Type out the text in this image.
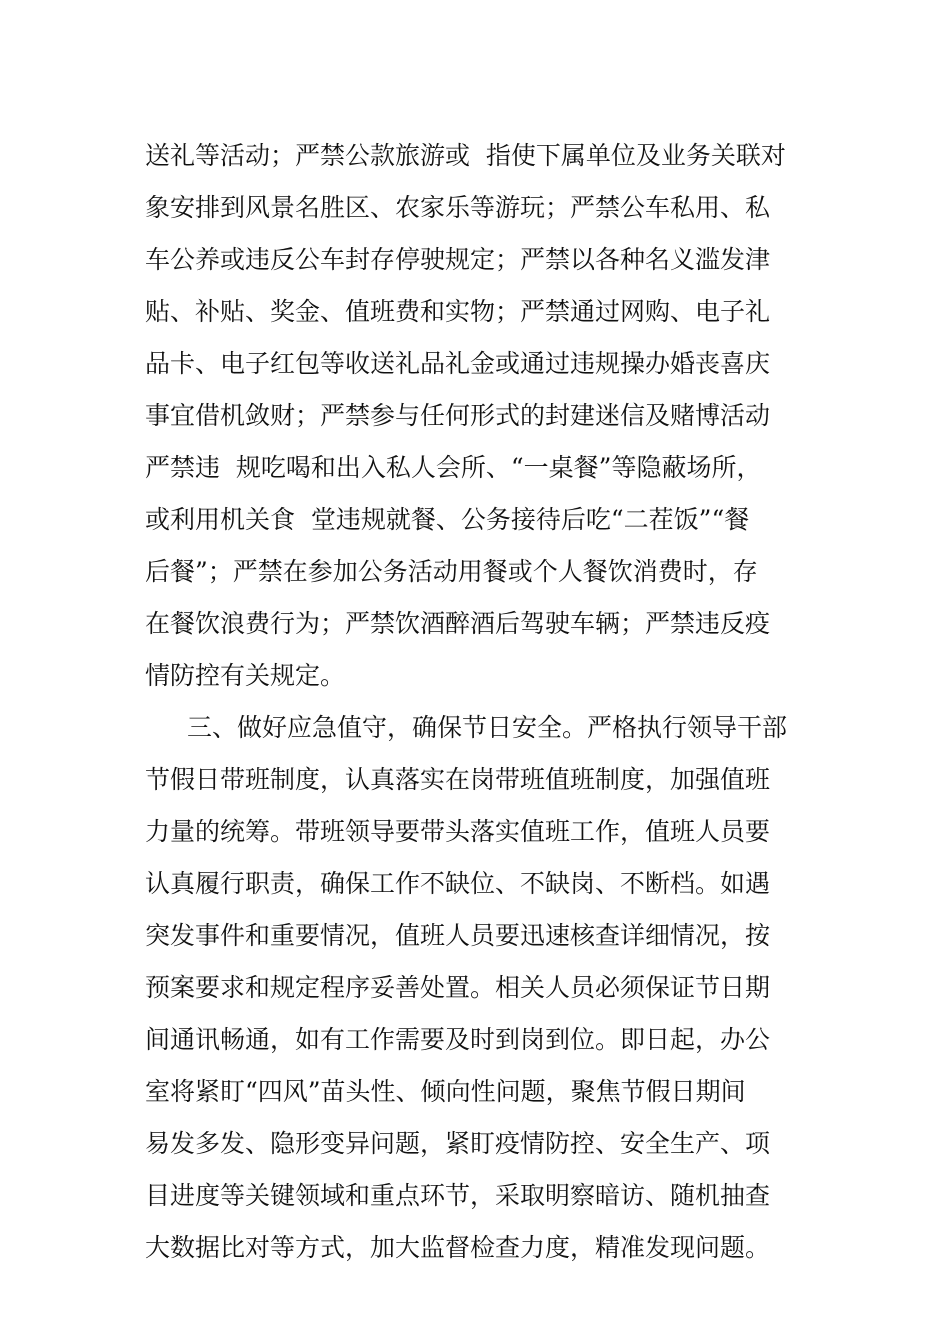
送礼等活动；严禁公款旅游或  指使下属单位及业务关联对
象安排到风景名胜区、农家乐等游玩；严禁公车私用、私
车公养或违反公车封存停驶规定；严禁以各种名义滥发津
贴、补贴、奖金、值班费和实物；严禁通过网购、电子礼
品卡、电子红包等收送礼品礼金或通过违规操办婚丧喜庆
事宜借机敛财；严禁参与任何形式的封建迷信及赌博活动
严禁违  规吃喝和出入私人会所、“一桌餐”等隐蔽场所，
或利用机关食  堂违规就餐、公务接待后吃“二茬饭”“餐
后餐”；严禁在参加公务活动用餐或个人餐饮消费时，存
在餐饮浪费行为；严禁饮酒醉酒后驾驶车辆；严禁违反疫
情防控有关规定。
三、做好应急值守，确保节日安全。严格执行领导干部
节假日带班制度，认真落实在岗带班值班制度，加强值班
力量的统筹。带班领导要带头落实值班工作，值班人员要
认真履行职责，确保工作不缺位、不缺岗、不断档。如遇
突发事件和重要情况，值班人员要迅速核查详细情况，按
预案要求和规定程序妥善处置。相关人员必须保证节日期
间通讯畅通，如有工作需要及时到岗到位。即日起，办公
室将紧盯“四风”苗头性、倾向性问题，聚焦节假日期间
易发多发、隐形变异问题，紧盯疫情防控、安全生产、项
目进度等关键领域和重点环节，采取明察暗访、随机抽查
大数据比对等方式，加大监督检查力度，精准发现问题。
